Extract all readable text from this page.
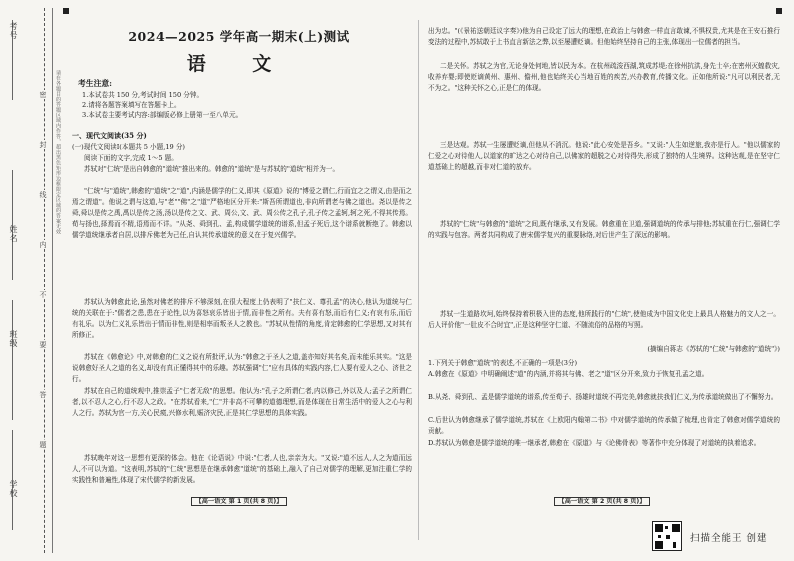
考号
姓名
班级
学校
密
封
线
内
不
要
答
题
请在各题目的答题区域内作答，超出黑色矩形边框限定区域的答案无效
2024—2025 学年高一期末(上)测试
语 文
考生注意:
1.本试卷共 150 分,考试时间 150 分钟。
2.请将各题答案填写在答题卡上。
3.本试卷主要考试内容:部编版必修上册第一至八单元。
一、现代文阅读(35 分)
(一)现代文阅读Ⅰ(本题共 5 小题,19 分)
阅读下面的文字,完成 1～5 题。
苏轼对"仁统"是出自韩愈的"道统"推出来的。韩愈的"道统"是与苏轼的"道统"相并为一。
"仁统"与"道统",韩愈的"道统"之"道",内涵是儒学的仁义,即其《原道》说的"博爱之谓仁,行而宜之之谓义,由是而之焉之谓道"。他说之谓与这道,与"老""佛"之"道"严格地区分开来:"斯吾所谓道也,非向所谓老与佛之道也。尧以是传之舜,舜以是传之禹,禹以是传之汤,汤以是传之文、武、周公,文、武、周公传之孔子,孔子传之孟轲,轲之死,不得其传焉。荀与扬也,择焉而不精,语焉而不详。"从尧、舜到孔、孟,构成儒学道统的谱系,但孟子死后,这个谱系就断绝了。韩愈以儒学道统继承者自居,以排斥佛老为己任,自认其传承道统的意义在于复兴儒学。
苏轼认为韩愈此论,虽然对佛老的排斥不够深刻,在很大程度上仍表明了"扶仁义、尊孔孟"的决心,他认为道统与仁统的关联在于:"儒者之患,患在于论性,以为喜怒哀乐皆出于情,而非性之所有。夫有喜有怒,而后有仁义;有哀有乐,而后有礼乐。以为仁义礼乐皆出于情而非性,则是相率而叛圣人之教也。"苏轼从性情的角度,肯定韩愈的仁学思想,又对其有所修正。
苏轼在《韩愈论》中,对韩愈的仁义之说有所批评,认为:"韩愈之于圣人之道,盖亦知好其名矣,而未能乐其实。"这是说韩愈好圣人之道的名义,却没有真正懂得其中的乐趣。苏轼强调"仁"应有具体的实践内容,仁人要有爱人之心、济世之行。
苏轼在自己的道统观中,推崇孟子"仁者无敌"的思想。他认为:"孔子之所谓仁者,内以修己,外以及人;孟子之所谓仁者,以不忍人之心,行不忍人之政。"在苏轼看来,"仁"并非高不可攀的道德理想,而是体现在日常生活中的爱人之心与利人之行。苏轼为官一方,关心民瘼,兴修水利,赈济灾民,正是其仁学思想的具体实践。
苏轼晚年对这一思想有更深的体会。他在《论语说》中说:"仁者,人也,亲亲为大。"又说:"道不远人,人之为道而远人,不可以为道。"这表明,苏轼的"仁统"思想是在继承韩愈"道统"的基础上,融入了自己对儒学的理解,更加注重仁学的实践性和普遍性,体现了宋代儒学的新发展。
【高一语文 第 1 页(共 8 页)】
出为忠。"(《景祐送朝廷议字奏》)他为自己设定了远大的理想,在政治上与韩愈一样直言敢谏,不惧权贵,尤其是在王安石推行变法的过程中,苏轼敢于上书直言新法之弊,以至屡遭贬谪。但他始终坚持自己的主张,体现出一位儒者的担当。
二是关怀。苏轼之为官,无论身处何地,皆以民为本。在杭州疏浚西湖,筑成苏堤;在徐州抗洪,身先士卒;在密州灭蝗救灾,收养弃婴;即使贬谪黄州、惠州、儋州,他也始终关心当地百姓的疾苦,兴办教育,传播文化。正如他所说:"凡可以利民者,无不为之。"这种关怀之心,正是仁的体现。
三是达观。苏轼一生屡遭贬谪,但他从不消沉。他说:"此心安处是吾乡。"又说:"人生如逆旅,我亦是行人。"他以儒家的仁爱之心对待他人,以道家的旷达之心对待自己,以佛家的超脱之心对待得失,形成了独特的人生境界。这种达观,是在坚守仁道基础上的超越,而非对仁道的放弃。
苏轼的"仁统"与韩愈的"道统"之间,既有继承,又有发展。韩愈重在卫道,强调道统的传承与排他;苏轼重在行仁,强调仁学的实践与包容。两者共同构成了唐宋儒学复兴的重要脉络,对后世产生了深远的影响。
苏轼一生道路坎坷,始终保持着积极入世的态度,他所践行的"仁统",使他成为中国文化史上最具人格魅力的文人之一。后人评价他"一肚皮不合时宜",正是这种坚守仁道、不随流俗的品格的写照。
(摘编自蒋志《苏轼的"仁统"与韩愈的"道统"》)
1.下列关于韩愈"道统"的表述,不正确的一项是(3分)
A.韩愈在《原道》中明确阐述"道"的内涵,并将其与佛、老之"道"区分开来,致力于恢复孔孟之道。
B.从尧、舜到孔、孟是儒学道统的谱系,传至荀子、扬雄时道统不再完美,韩愈就扶我们仁义,为传承道统做出了不懈努力。
C.后世认为韩愈继承了儒学道统,苏轼在《上欧阳内翰第二书》中对儒学道统的传承做了梳理,也肯定了韩愈对儒学道统的贡献。
D.苏轼认为韩愈是儒学道统的唯一继承者,韩愈在《原道》与《论佛骨表》等著作中充分体现了对道统的执着追求。
【高一语文 第 2 页(共 8 页)】
扫描全能王 创建
